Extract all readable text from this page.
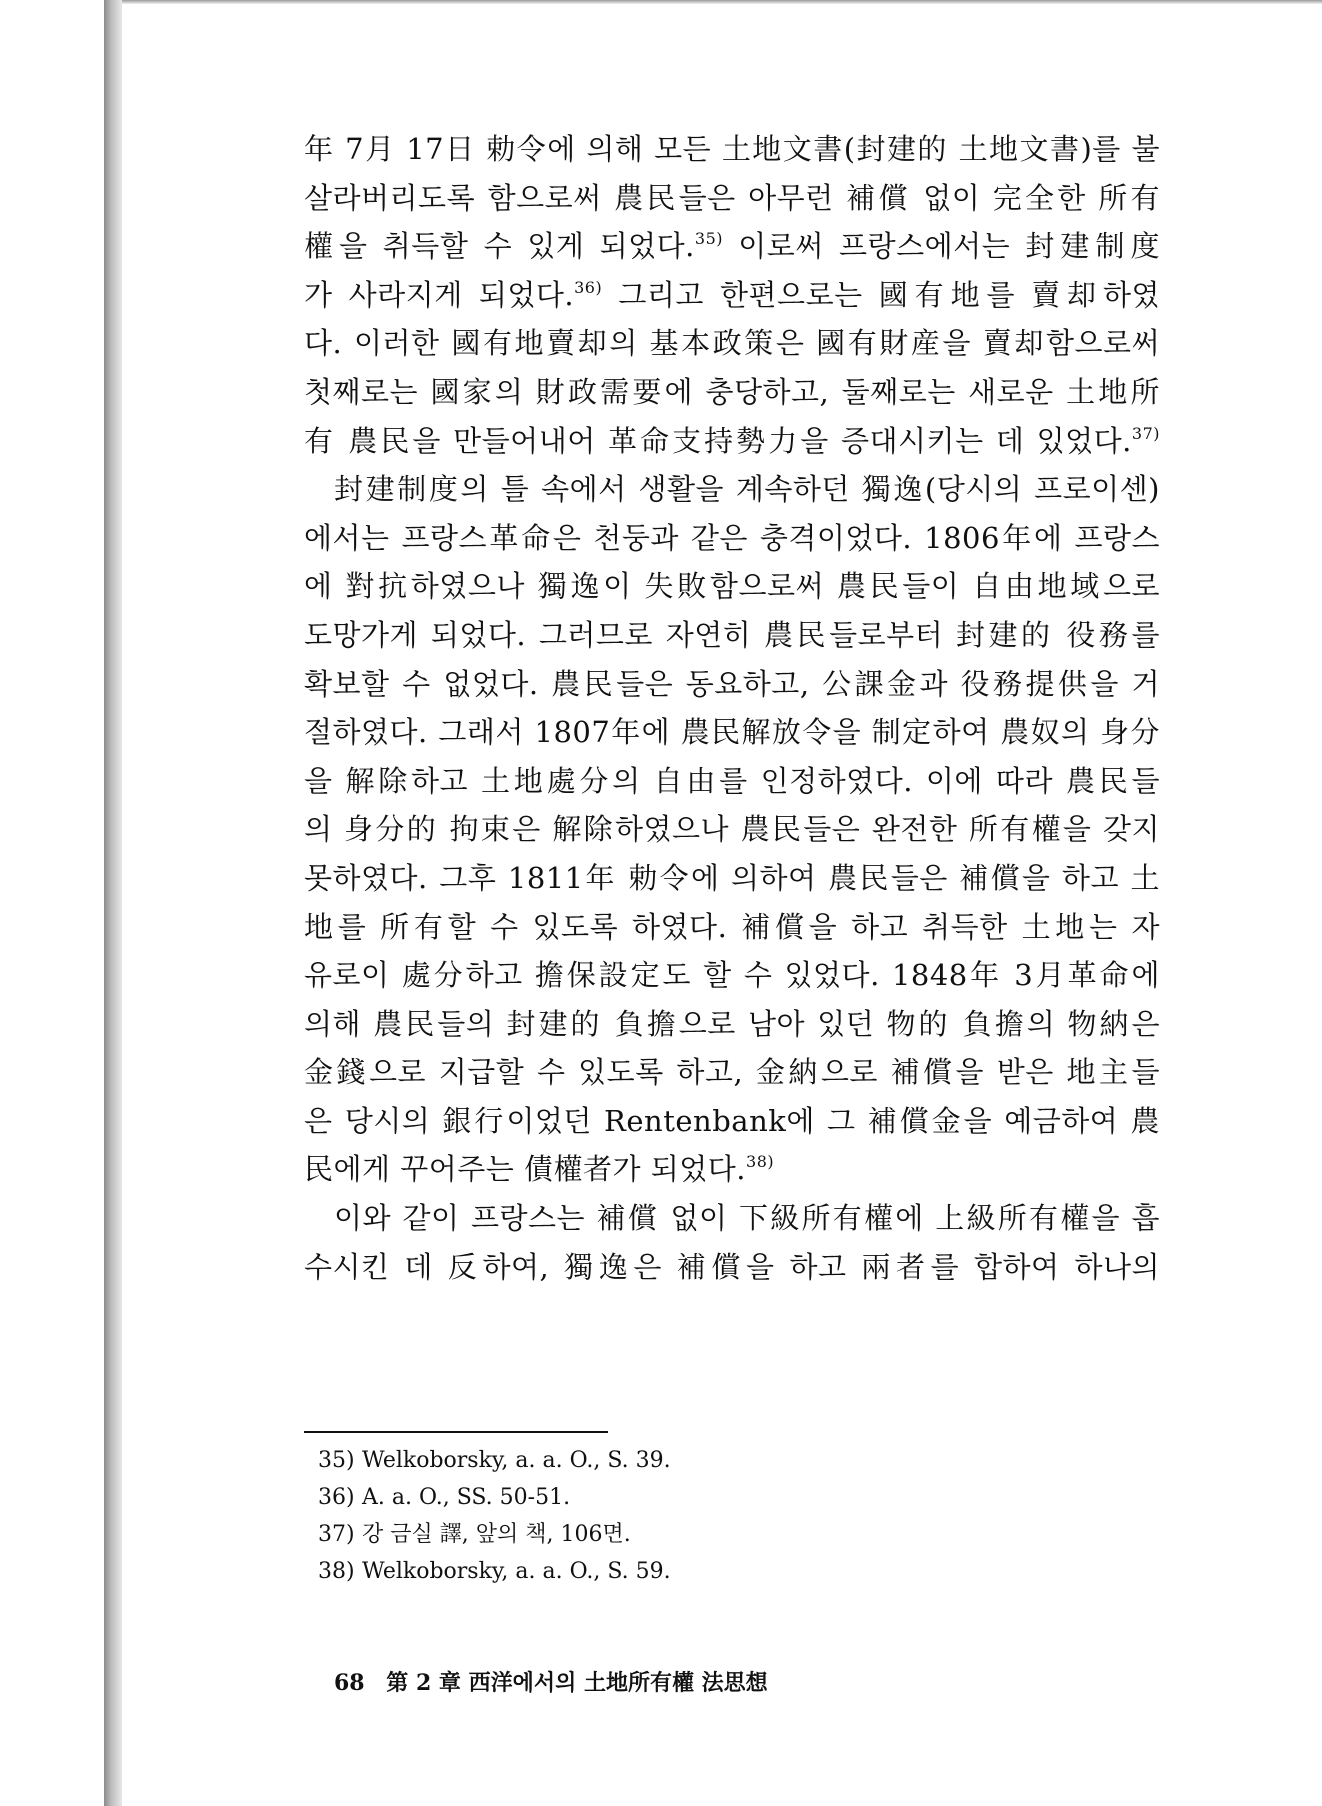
年 7月 17日 勅令에 의해 모든 土地文書(封建的 土地文書)를 불
살라버리도록 함으로써 農民들은 아무런 補償 없이 完全한 所有
權을 취득할 수 있게 되었다.$^{35)}$ 이로써 프랑스에서는 封建制度
가 사라지게 되었다.$^{36)}$ 그리고 한편으로는 國有地를 賣却하였
다. 이러한 國有地賣却의 基本政策은 國有財産을 賣却함으로써
첫째로는 國家의 財政需要에 충당하고, 둘째로는 새로운 土地所
有 農民을 만들어내어 革命支持勢力을 증대시키는 데 있었다.$^{37)}$
封建制度의 틀 속에서 생활을 계속하던 獨逸(당시의 프로이센)
에서는 프랑스革命은 천둥과 같은 충격이었다. 1806年에 프랑스
에 對抗하였으나 獨逸이 失敗함으로써 農民들이 自由地域으로
도망가게 되었다. 그러므로 자연히 農民들로부터 封建的 役務를
확보할 수 없었다. 農民들은 동요하고, 公課金과 役務提供을 거
절하였다. 그래서 1807年에 農民解放令을 制定하여 農奴의 身分
을 解除하고 土地處分의 自由를 인정하였다. 이에 따라 農民들
의 身分的 拘束은 解除하였으나 農民들은 완전한 所有權을 갖지
못하였다. 그후 1811年 勅令에 의하여 農民들은 補償을 하고 土
地를 所有할 수 있도록 하였다. 補償을 하고 취득한 土地는 자
유로이 處分하고 擔保設定도 할 수 있었다. 1848年 3月革命에
의해 農民들의 封建的 負擔으로 남아 있던 物的 負擔의 物納은
金錢으로 지급할 수 있도록 하고, 金納으로 補償을 받은 地主들
은 당시의 銀行이었던 Rentenbank에 그 補償金을 예금하여 農
民에게 꾸어주는 債權者가 되었다.$^{38)}$
이와 같이 프랑스는 補償 없이 下級所有權에 上級所有權을 흡
수시킨 데 反하여, 獨逸은 補償을 하고 兩者를 합하여 하나의
35) Welkoborsky, a. a. O., S. 39.
36) A. a. O., SS. 50-51.
37) 강 금실 譯, 앞의 책, 106면.
38) Welkoborsky, a. a. O., S. 59.
68 第 2 章 西洋에서의 土地所有權 法思想
